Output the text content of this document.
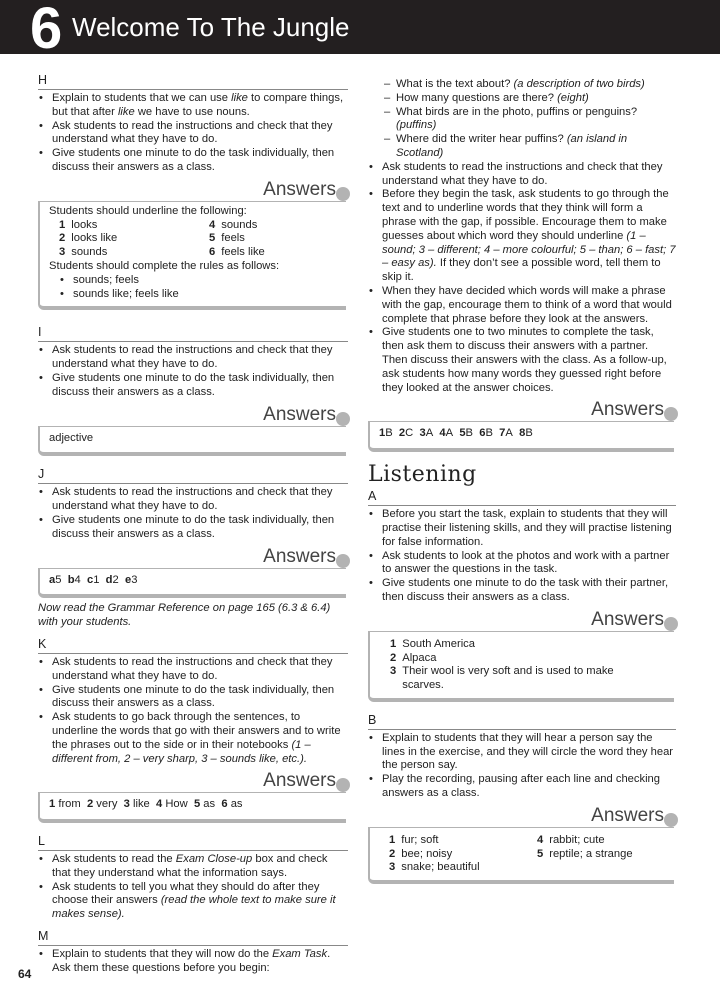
6 Welcome To The Jungle
H
• Explain to students that we can use like to compare things, but that after like we have to use nouns.
• Ask students to read the instructions and check that they understand what they have to do.
• Give students one minute to do the task individually, then discuss their answers as a class.
Answers
Students should underline the following:
1 looks	4 sounds
2 looks like	5 feels
3 sounds	6 feels like
Students should complete the rules as follows:
• sounds; feels
• sounds like; feels like
I
• Ask students to read the instructions and check that they understand what they have to do.
• Give students one minute to do the task individually, then discuss their answers as a class.
Answers
adjective
J
• Ask students to read the instructions and check that they understand what they have to do.
• Give students one minute to do the task individually, then discuss their answers as a class.
Answers
a5 b4 c1 d2 e3
Now read the Grammar Reference on page 165 (6.3 & 6.4) with your students.
K
• Ask students to read the instructions and check that they understand what they have to do.
• Give students one minute to do the task individually, then discuss their answers as a class.
• Ask students to go back through the sentences, to underline the words that go with their answers and to write the phrases out to the side or in their notebooks (1 – different from, 2 – very sharp, 3 – sounds like, etc.).
Answers
1 from 2 very 3 like 4 How 5 as 6 as
L
• Ask students to read the Exam Close-up box and check that they understand what the information says.
• Ask students to tell you what they should do after they choose their answers (read the whole text to make sure it makes sense).
M
• Explain to students that they will now do the Exam Task. Ask them these questions before you begin:
– What is the text about? (a description of two birds)
– How many questions are there? (eight)
– What birds are in the photo, puffins or penguins? (puffins)
– Where did the writer hear puffins? (an island in Scotland)
• Ask students to read the instructions and check that they understand what they have to do.
• Before they begin the task, ask students to go through the text and to underline words that they think will form a phrase with the gap, if possible. Encourage them to make guesses about which word they should underline (1 – sound; 3 – different; 4 – more colourful; 5 – than; 6 – fast; 7 – easy as). If they don’t see a possible word, tell them to skip it.
• When they have decided which words will make a phrase with the gap, encourage them to think of a word that would complete that phrase before they look at the answers.
• Give students one to two minutes to complete the task, then ask them to discuss their answers with a partner. Then discuss their answers with the class. As a follow-up, ask students how many words they guessed right before they looked at the answer choices.
Answers
1B 2C 3A 4A 5B 6B 7A 8B
Listening
A
• Before you start the task, explain to students that they will practise their listening skills, and they will practise listening for false information.
• Ask students to look at the photos and work with a partner to answer the questions in the task.
• Give students one minute to do the task with their partner, then discuss their answers as a class.
Answers
1 South America
2 Alpaca
3 Their wool is very soft and is used to make scarves.
B
• Explain to students that they will hear a person say the lines in the exercise, and they will circle the word they hear the person say.
• Play the recording, pausing after each line and checking answers as a class.
Answers
1 fur; soft	4 rabbit; cute
2 bee; noisy	5 reptile; a strange
3 snake; beautiful
64
